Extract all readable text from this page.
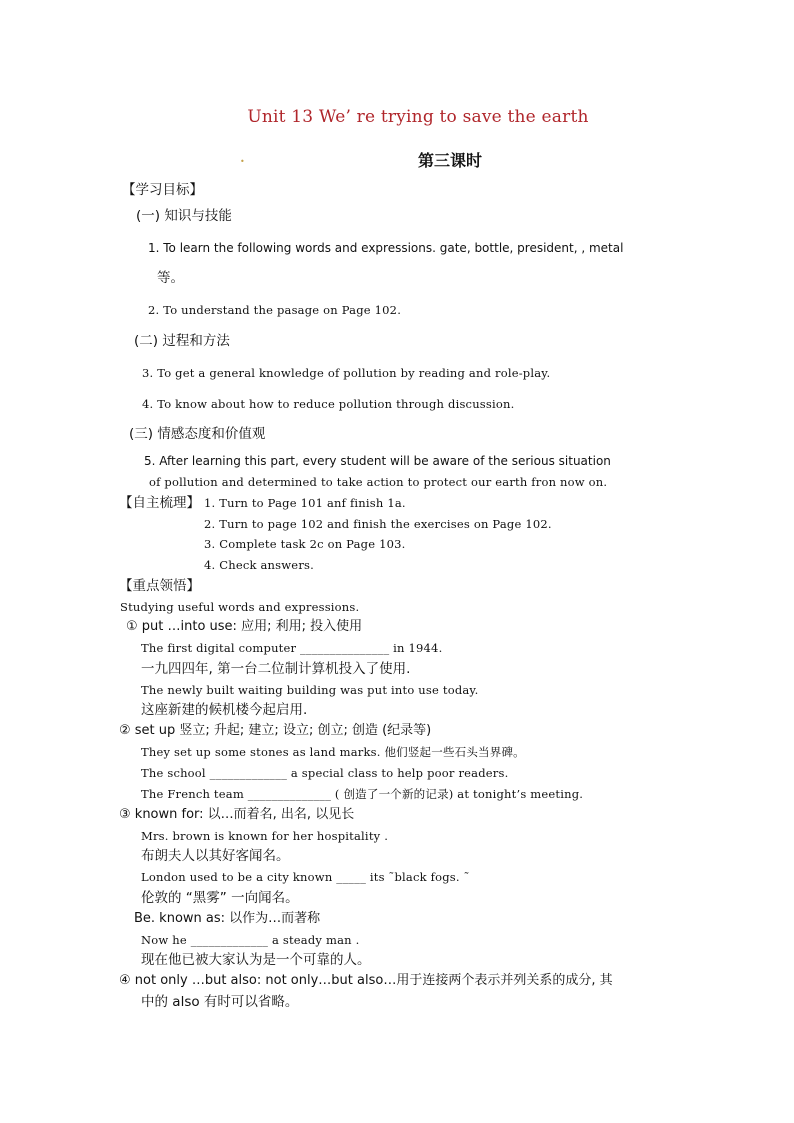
Unit 13 We’ re trying to save the earth
•	第三课时
【学习目标】
(一) 知识与技能
1. To learn the following words and expressions. gate, bottle, president, , metal
等。
2. To understand the pasage on Page 102.
(二) 过程和方法
3. To get a general knowledge of pollution by reading and role-play.
4. To know about how to reduce pollution through discussion.
(三) 情感态度和价值观
5. After learning this part, every student will be aware of the serious situation
of pollution and determined to take action to protect our earth fron now on.
【自主梳理】 1. Turn to Page 101 anf finish 1a.
2. Turn to page 102 and finish the exercises on Page 102.
3. Complete task 2c on Page 103.
4. Check answers.
【重点领悟】
Studying useful words and expressions.
① put …into use: 应用; 利用; 投入使用
The first digital computer _______________ in 1944.
一九四四年, 第一台二位制计算机投入了使用.
The newly built waiting building was put into use today.
这座新建的候机楼今起启用.
② set up 竖立; 升起; 建立; 设立; 创立; 创造 (纪录等)
They set up some stones as land marks. 他们竖起一些石头当界碑。
The school _____________ a special class to help poor readers.
The French team ______________ ( 创造了一个新的记录) at tonight’s meeting.
③ known for: 以…而着名, 出名, 以见长
Mrs. brown is known for her hospitality .
布朗夫人以其好客闻名。
London used to be a city known _____ its ˜black fogs. ˜
伦敦的 “黑雾” 一向闻名。
Be. known as: 以作为…而著称
Now he _____________ a steady man .
现在他已被大家认为是一个可靠的人。
④ not only …but also: not only…but also…用于连接两个表示并列关系的成分, 其
中的 also 有时可以省略。
